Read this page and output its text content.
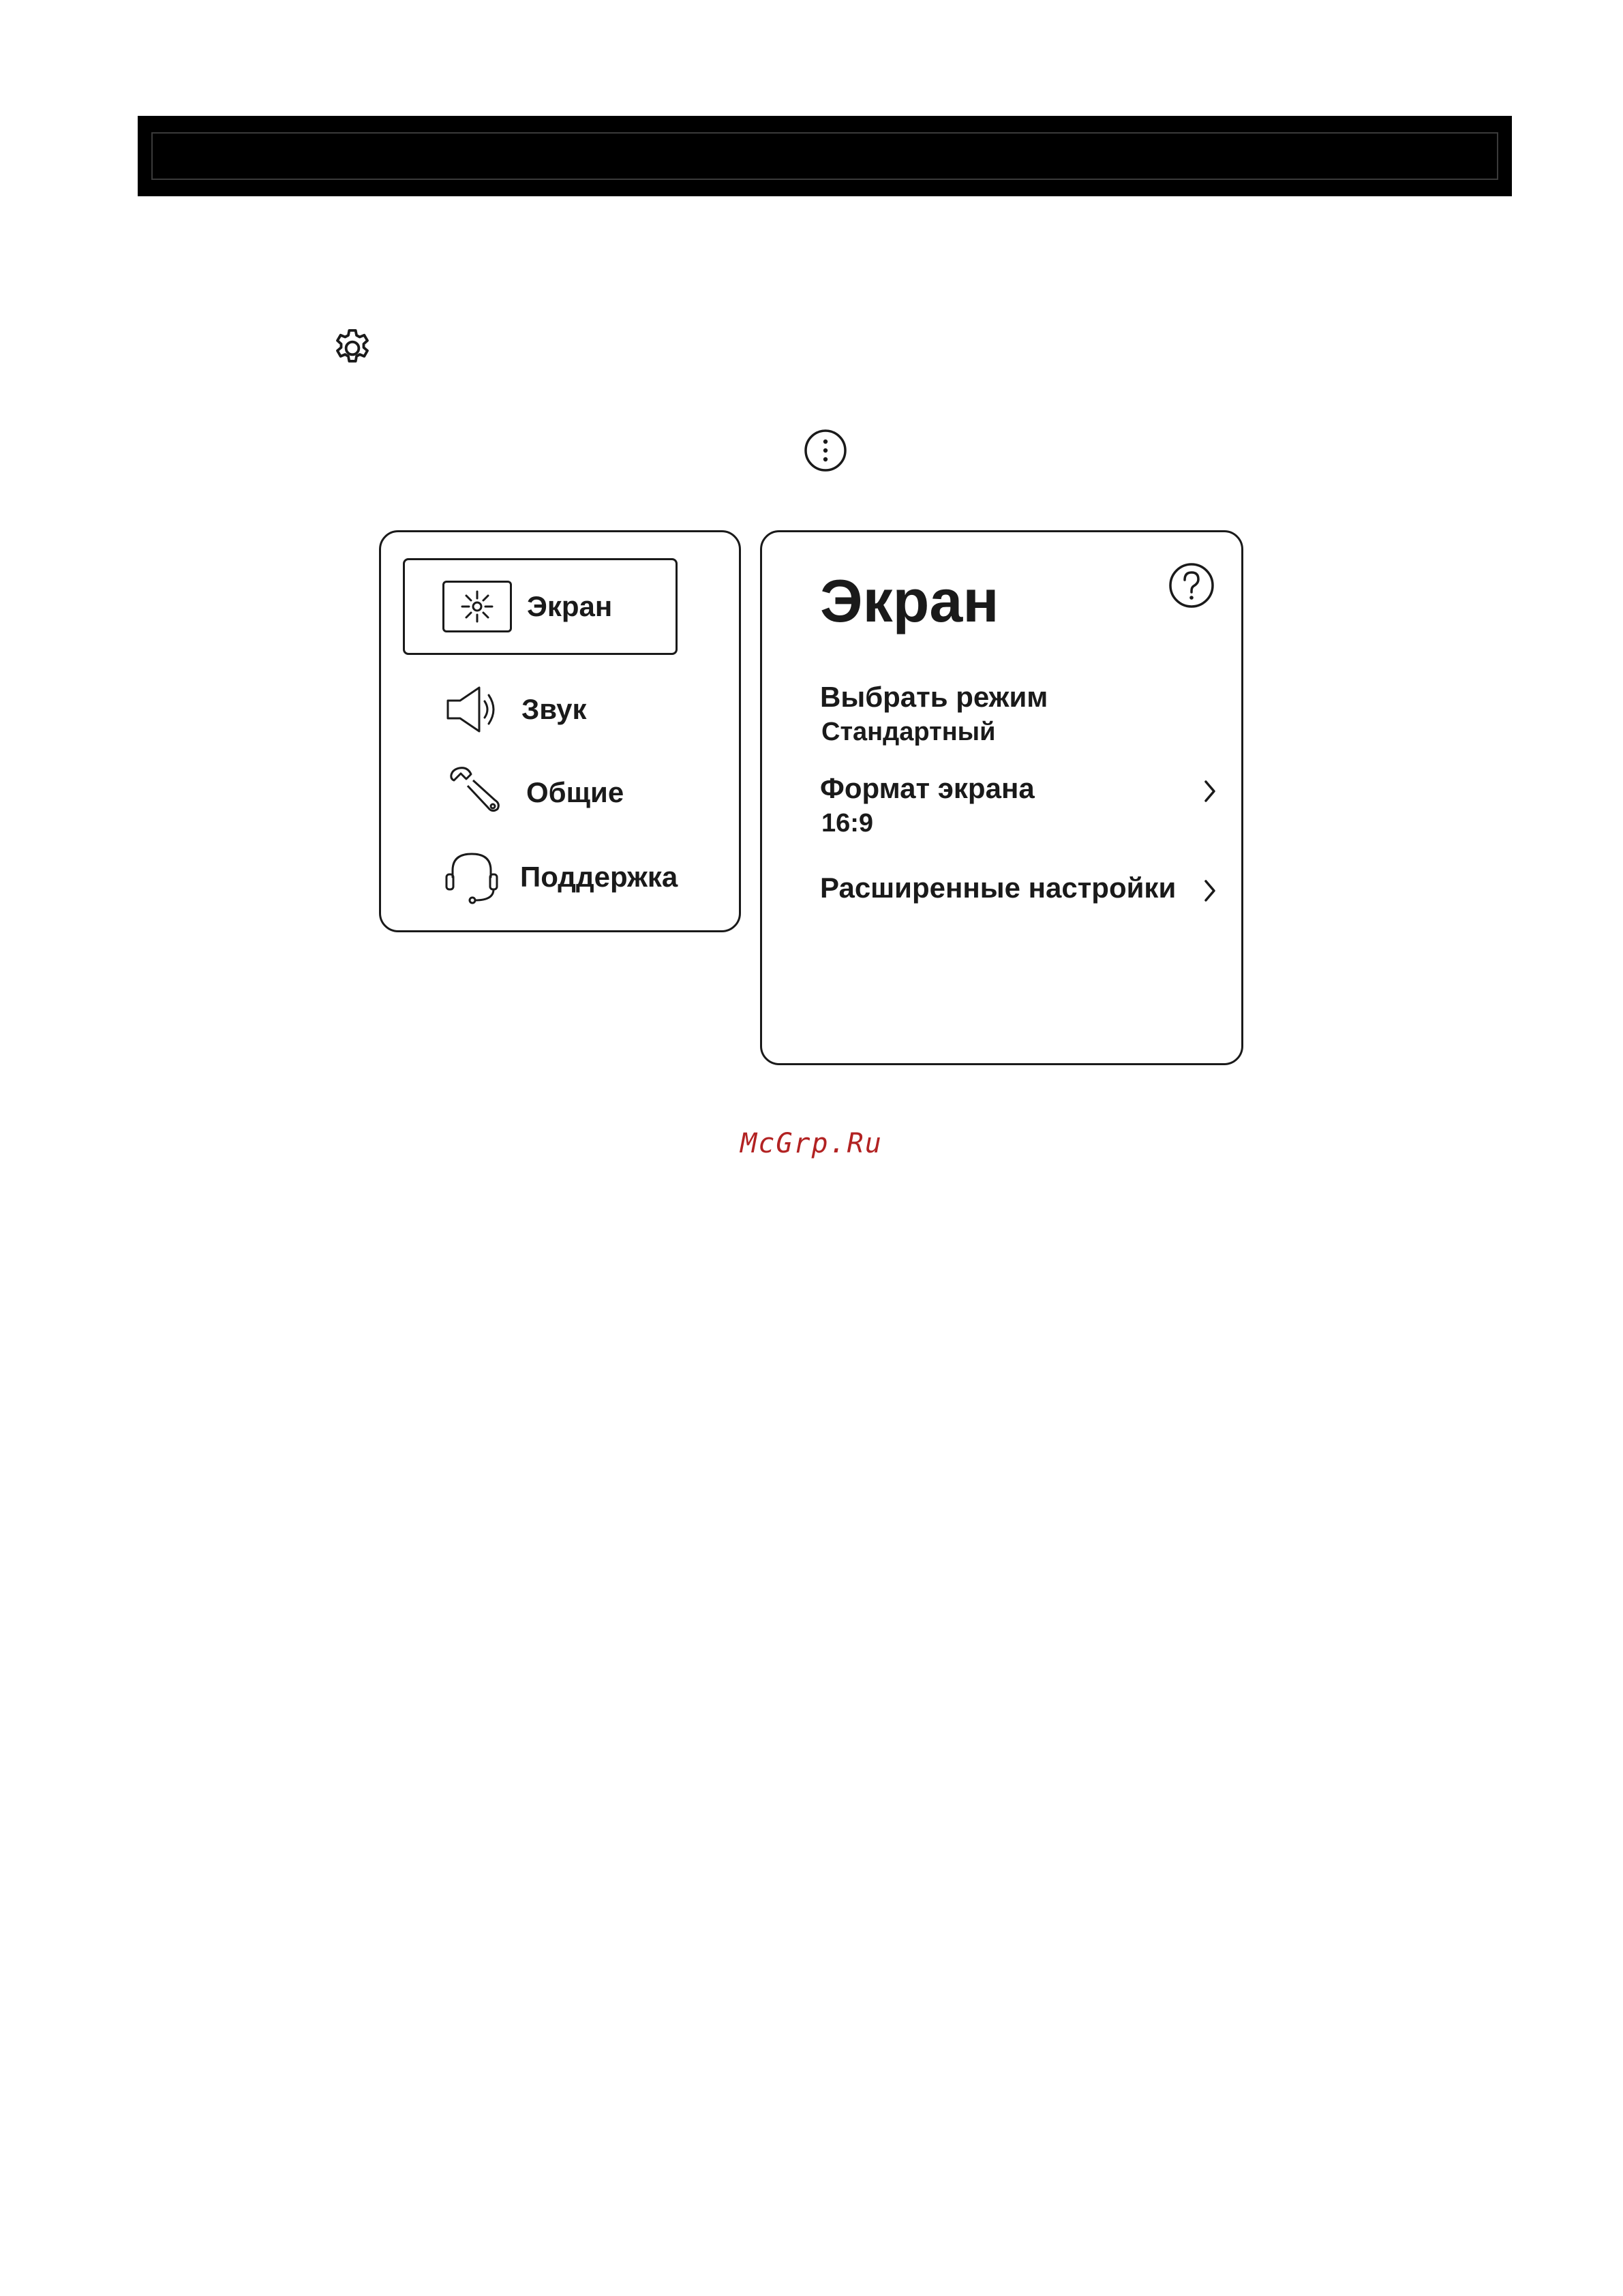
Экран
Звук
Общие
Поддержка
Экран
Выбрать режим
Стандартный
Формат экрана
16:9
Расширенные настройки
McGrp.Ru
